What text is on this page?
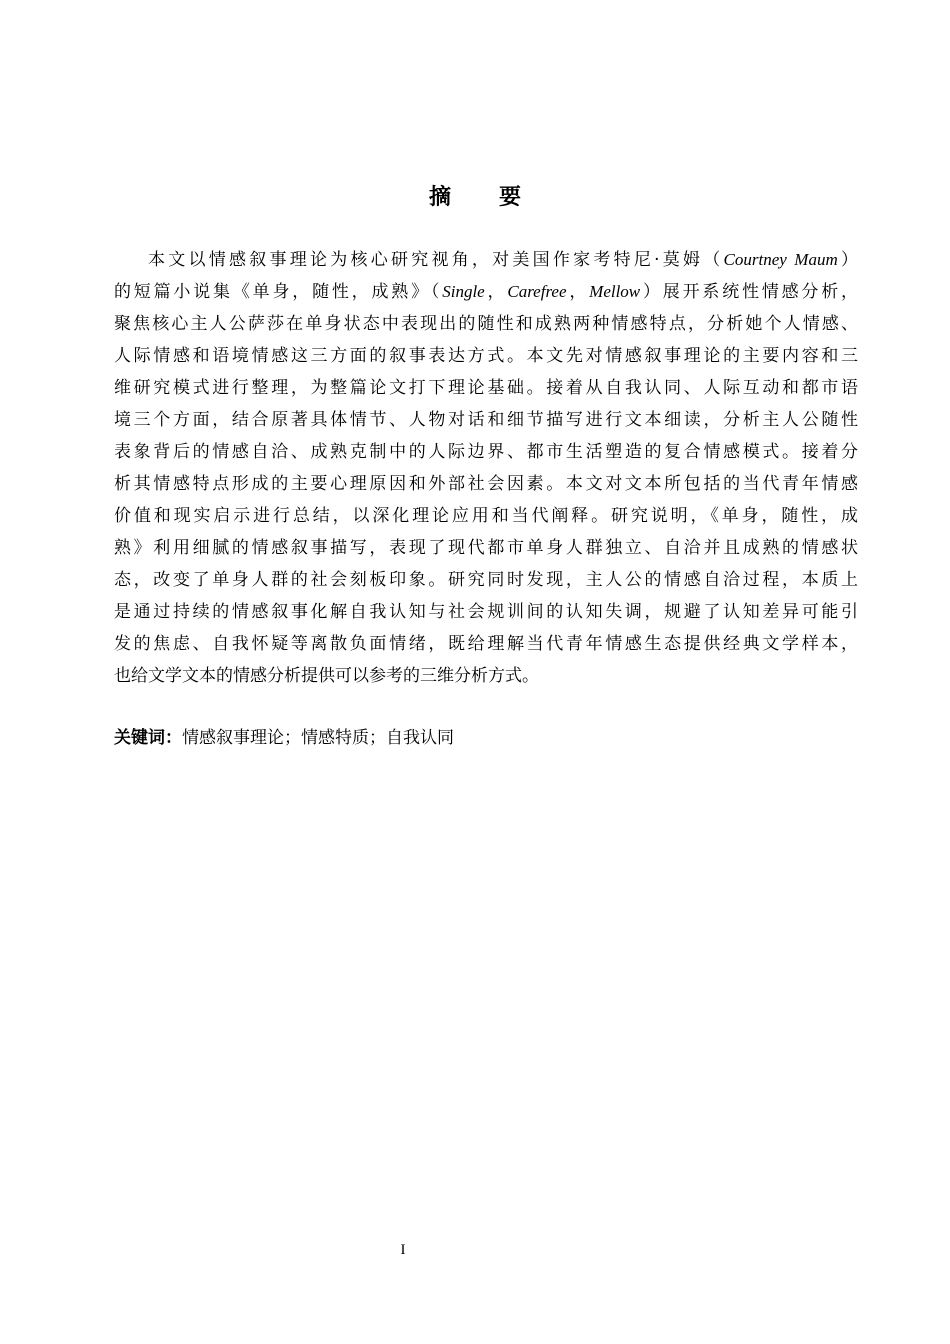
摘 要
本文以情感叙事理论为核心研究视角，对美国作家考特尼·莫姆（Courtney Maum）
的短篇小说集《单身，随性，成熟》（Single，Carefree，Mellow）展开系统性情感分析，
聚焦核心主人公萨莎在单身状态中表现出的随性和成熟两种情感特点，分析她个人情感、
人际情感和语境情感这三方面的叙事表达方式。本文先对情感叙事理论的主要内容和三
维研究模式进行整理，为整篇论文打下理论基础。接着从自我认同、人际互动和都市语
境三个方面，结合原著具体情节、人物对话和细节描写进行文本细读，分析主人公随性
表象背后的情感自洽、成熟克制中的人际边界、都市生活塑造的复合情感模式。接着分
析其情感特点形成的主要心理原因和外部社会因素。本文对文本所包括的当代青年情感
价值和现实启示进行总结，以深化理论应用和当代阐释。研究说明，《单身，随性，成
熟》利用细腻的情感叙事描写，表现了现代都市单身人群独立、自洽并且成熟的情感状
态，改变了单身人群的社会刻板印象。研究同时发现，主人公的情感自洽过程，本质上
是通过持续的情感叙事化解自我认知与社会规训间的认知失调，规避了认知差异可能引
发的焦虑、自我怀疑等离散负面情绪，既给理解当代青年情感生态提供经典文学样本，
也给文学文本的情感分析提供可以参考的三维分析方式。
关键词：情感叙事理论；情感特质；自我认同
I
